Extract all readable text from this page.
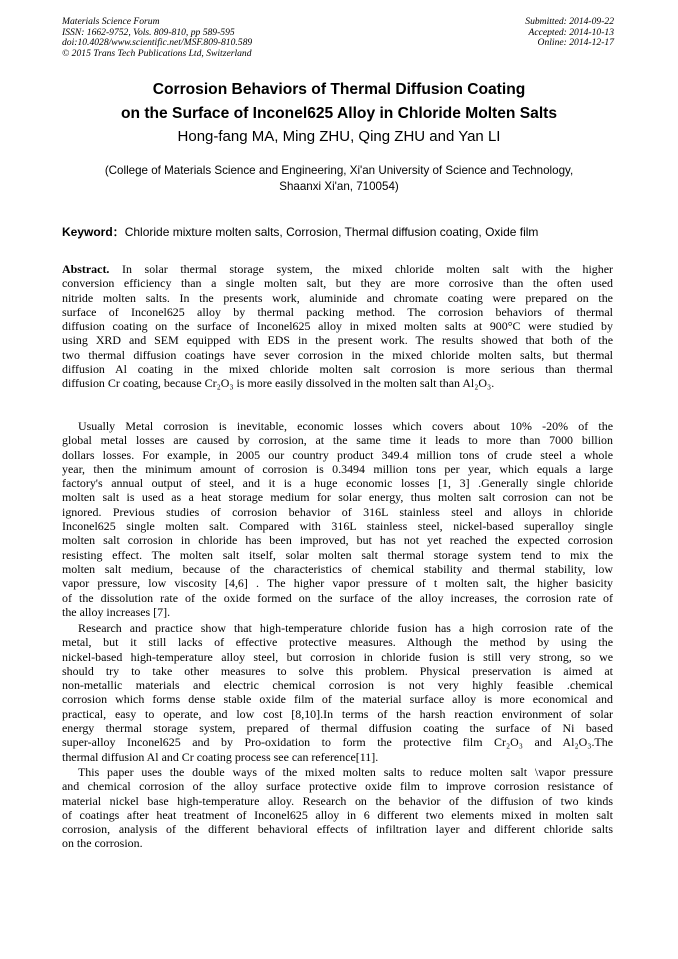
Materials Science Forum
ISSN: 1662-9752, Vols. 809-810, pp 589-595
doi:10.4028/www.scientific.net/MSF.809-810.589
© 2015 Trans Tech Publications Ltd, Switzerland
Submitted: 2014-09-22
Accepted: 2014-10-13
Online: 2014-12-17
Corrosion Behaviors of Thermal Diffusion Coating
on the Surface of Inconel625 Alloy in Chloride Molten Salts
Hong-fang MA, Ming ZHU, Qing ZHU and Yan LI
(College of Materials Science and Engineering, Xi'an University of Science and Technology,
Shaanxi Xi'an, 710054)
Keyword：Chloride mixture molten salts, Corrosion, Thermal diffusion coating, Oxide film
Abstract. In solar thermal storage system, the mixed chloride molten salt with the higher
conversion efficiency than a single molten salt, but they are more corrosive than the often used
nitride molten salts. In the presents work, aluminide and chromate coating were prepared on the
surface of Inconel625 alloy by thermal packing method. The corrosion behaviors of thermal
diffusion coating on the surface of Inconel625 alloy in mixed molten salts at 900°C were studied by
using XRD and SEM equipped with EDS in the present work. The results showed that both of the
two thermal diffusion coatings have sever corrosion in the mixed chloride molten salts, but thermal
diffusion Al coating in the mixed chloride molten salt corrosion is more serious than thermal
diffusion Cr coating, because Cr₂O₃ is more easily dissolved in the molten salt than Al₂O₃.
Usually Metal corrosion is inevitable, economic losses which covers about 10% -20% of the
global metal losses are caused by corrosion, at the same time it leads to more than 7000 billion
dollars losses. For example, in 2005 our country product 349.4 million tons of crude steel a whole
year, then the minimum amount of corrosion is 0.3494 million tons per year, which equals a large
factory's annual output of steel, and it is a huge economic losses [1, 3] .Generally single chloride
molten salt is used as a heat storage medium for solar energy, thus molten salt corrosion can not be
ignored. Previous studies of corrosion behavior of 316L stainless steel and alloys in chloride
Inconel625 single molten salt. Compared with 316L stainless steel, nickel-based superalloy single
molten salt corrosion in chloride has been improved, but has not yet reached the expected corrosion
resisting effect. The molten salt itself, solar molten salt thermal storage system tend to mix the
molten salt medium, because of the characteristics of chemical stability and thermal stability, low
vapor pressure, low viscosity [4,6] . The higher vapor pressure of t molten salt, the higher basicity
of the dissolution rate of the oxide formed on the surface of the alloy increases, the corrosion rate of
the alloy increases [7].
Research and practice show that high-temperature chloride fusion has a high corrosion rate of the
metal, but it still lacks of effective protective measures. Although the method by using the
nickel-based high-temperature alloy steel, but corrosion in chloride fusion is still very strong, so we
should try to take other measures to solve this problem. Physical preservation is aimed at
non-metallic materials and electric chemical corrosion is not very highly feasible .chemical
corrosion which forms dense stable oxide film of the material surface alloy is more economical and
practical, easy to operate, and low cost [8,10].In terms of the harsh reaction environment of solar
energy thermal storage system, prepared of thermal diffusion coating the surface of Ni based
super-alloy Inconel625 and by Pro-oxidation to form the protective film Cr₂O₃ and Al₂O₃.The
thermal diffusion Al and Cr coating process see can reference[11].
This paper uses the double ways of the mixed molten salts to reduce molten salt \vapor pressure
and chemical corrosion of the alloy surface protective oxide film to improve corrosion resistance of
material nickel base high-temperature alloy. Research on the behavior of the diffusion of two kinds
of coatings after heat treatment of Inconel625 alloy in 6 different two elements mixed in molten salt
corrosion, analysis of the different behavioral effects of infiltration layer and different chloride salts
on the corrosion.
